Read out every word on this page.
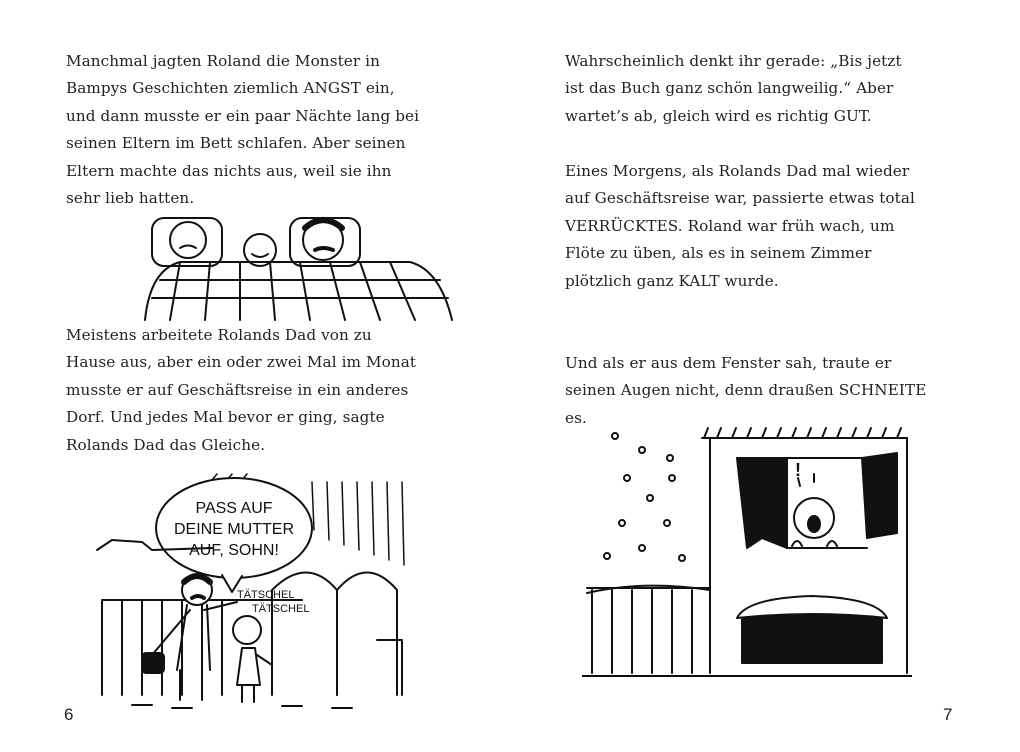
Manchmal jagten Roland die Monster in
Bampys Geschichten ziemlich ANGST ein,
und dann musste er ein paar Nächte lang bei
seinen Eltern im Bett schlafen. Aber seinen
Eltern machte das nichts aus, weil sie ihn
sehr lieb hatten.
Meistens arbeitete Rolands Dad von zu
Hause aus, aber ein oder zwei Mal im Monat
musste er auf Geschäftsreise in ein anderes
Dorf. Und jedes Mal bevor er ging, sagte
Rolands Dad das Gleiche.
PASS AUF
DEINE MUTTER
AUF, SOHN!
TÄTSCHEL
TÄTSCHEL
6
Wahrscheinlich denkt ihr gerade: „Bis jetzt
ist das Buch ganz schön langweilig.“ Aber
wartet’s ab, gleich wird es richtig GUT.
Eines Morgens, als Rolands Dad mal wieder
auf Geschäftsreise war, passierte etwas total
VERRÜCKTES. Roland war früh wach, um
Flöte zu üben, als es in seinem Zimmer
plötzlich ganz KALT wurde.
Und als er aus dem Fenster sah, traute er
seinen Augen nicht, denn draußen SCHNEITE
es.
!
7
